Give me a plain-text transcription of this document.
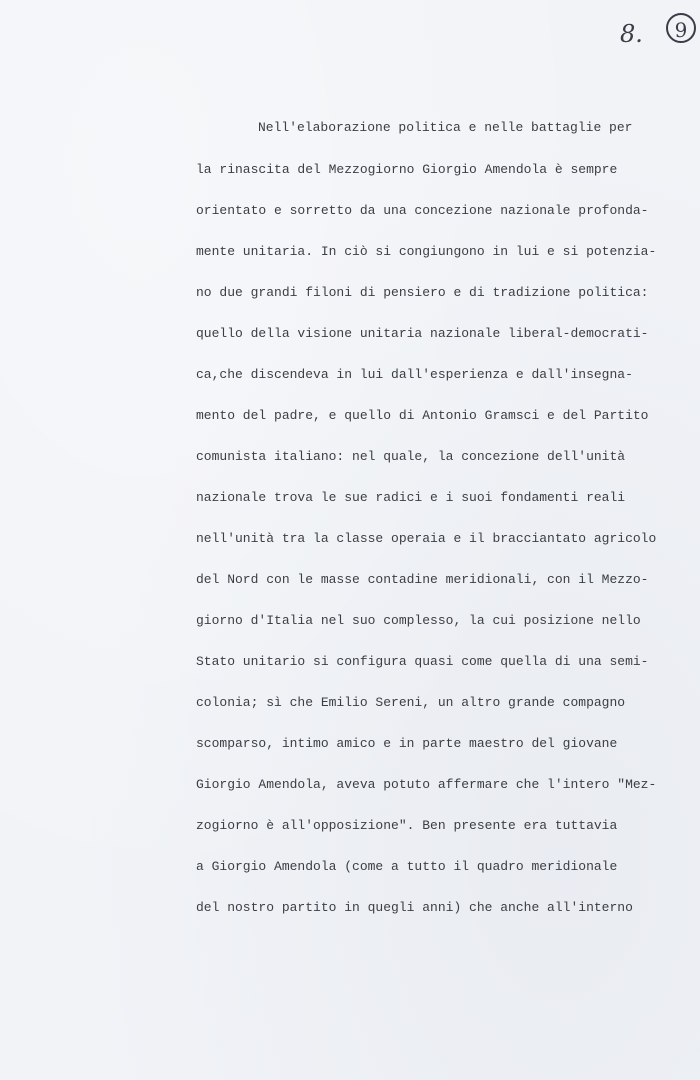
8.	9
Nell'elaborazione politica e nelle battaglie per
la rinascita del Mezzogiorno Giorgio Amendola è sempre
orientato e sorretto da una concezione nazionale profonda-
mente unitaria. In ciò si congiungono in lui e si potenzia-
no due grandi filoni di pensiero e di tradizione politica:
quello della visione unitaria nazionale liberal-democrati-
ca,che discendeva in lui dall'esperienza e dall'insegna-
mento del padre, e quello di Antonio Gramsci e del Partito
comunista italiano: nel quale, la concezione dell'unità
nazionale trova le sue radici e i suoi fondamenti reali
nell'unità tra la classe operaia e il bracciantato agricolo
del Nord con le masse contadine meridionali, con il Mezzo-
giorno d'Italia nel suo complesso, la cui posizione nello
Stato unitario si configura quasi come quella di una semi-
colonia; sì che Emilio Sereni, un altro grande compagno
scomparso, intimo amico e in parte maestro del giovane
Giorgio Amendola, aveva potuto affermare che l'intero "Mez-
zogiorno è all'opposizione". Ben presente era tuttavia
a Giorgio Amendola (come a tutto il quadro meridionale
del nostro partito in quegli anni) che anche all'interno
